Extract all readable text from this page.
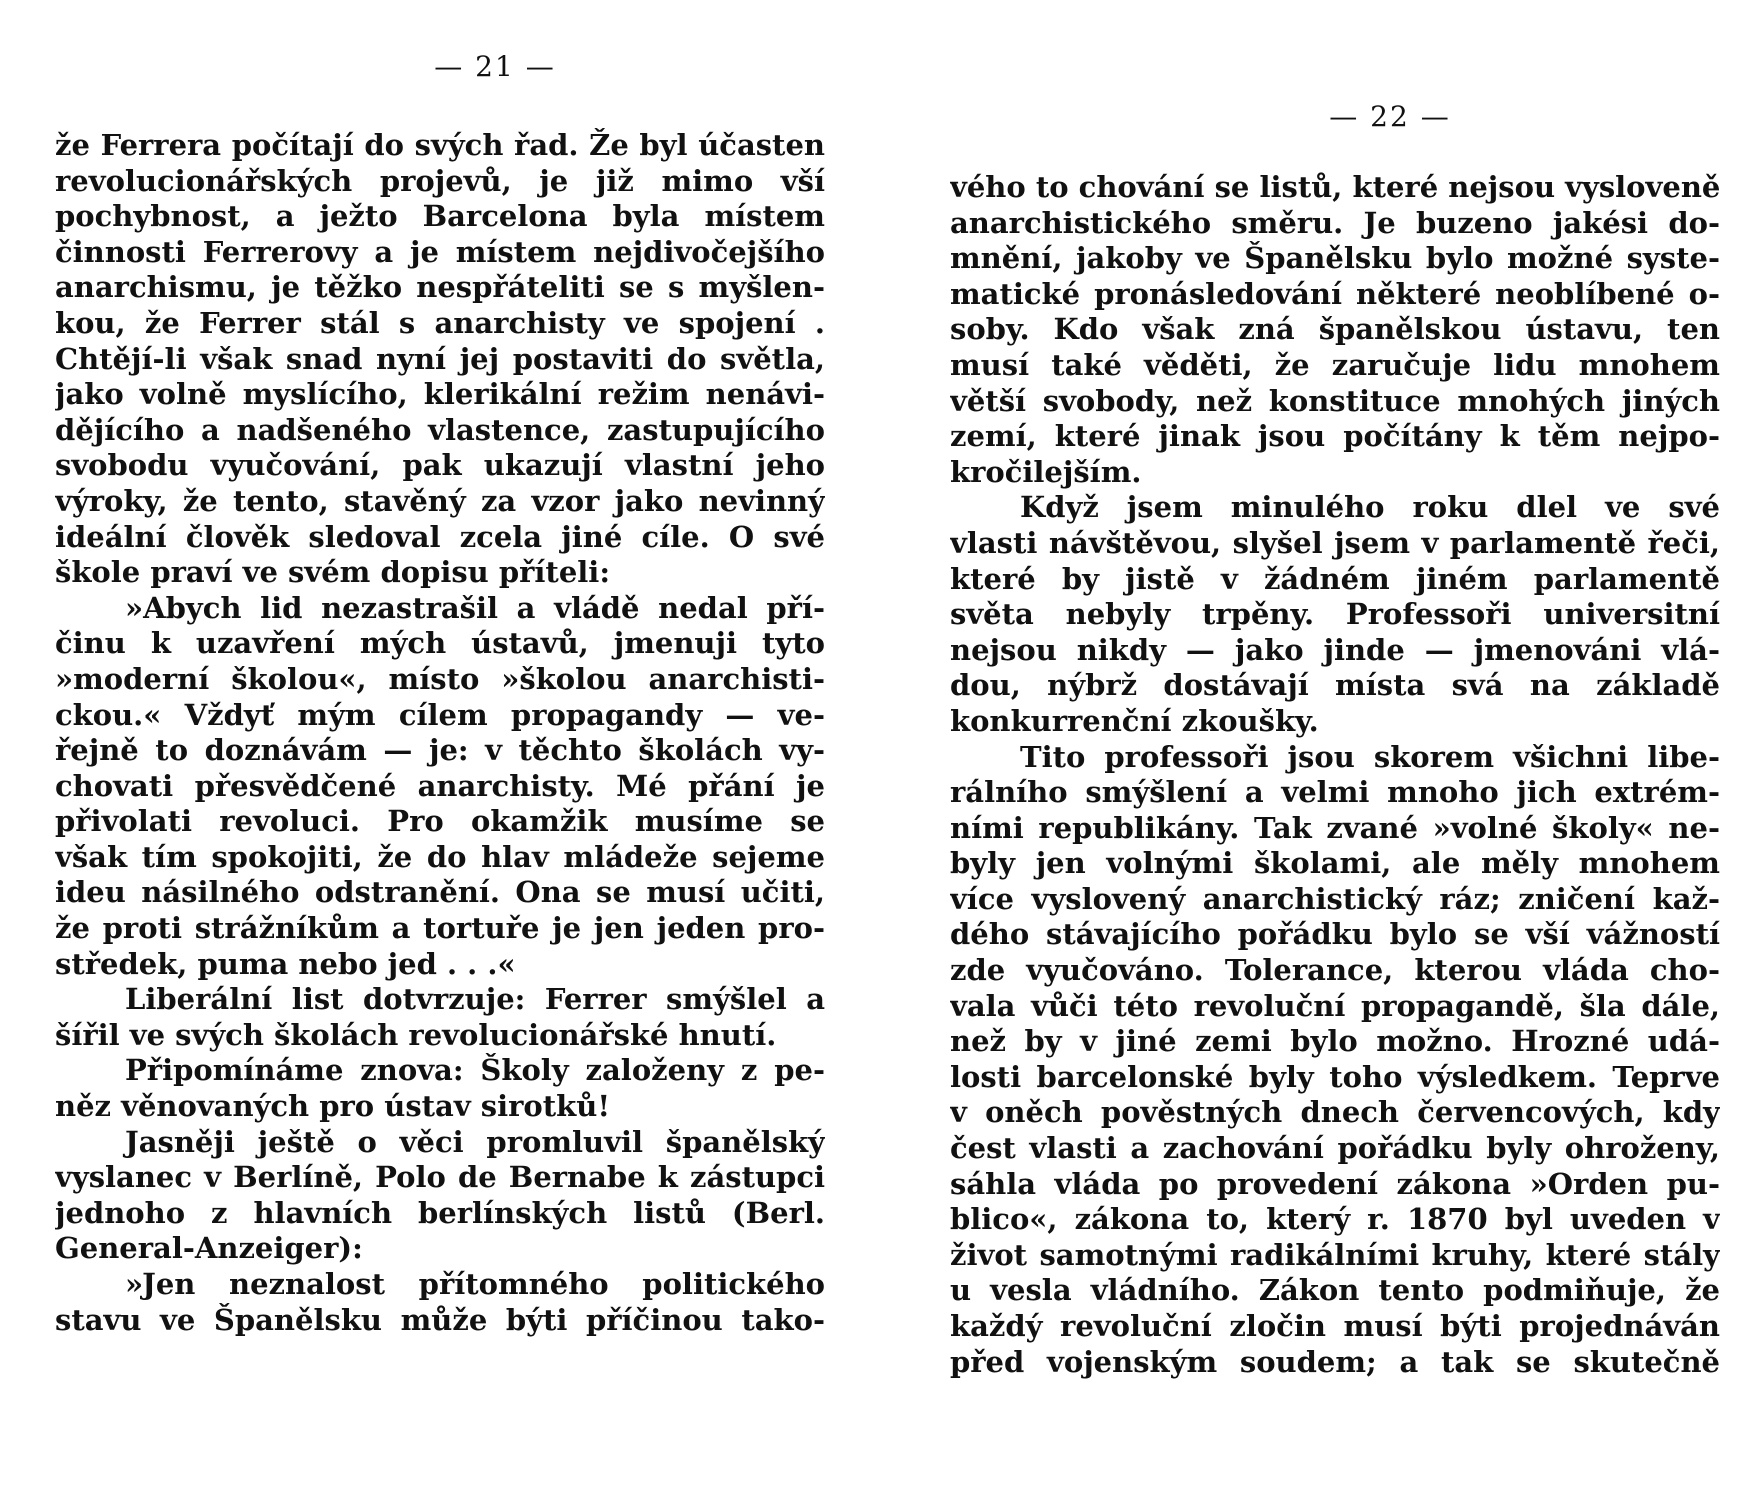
— 21 —
že Ferrera počítají do svých řad. Že byl účasten
revolucionářských projevů, je již mimo vší
pochybnost, a ježto Barcelona byla místem
činnosti Ferrerovy a je místem nejdivočejšího
anarchismu, je těžko nespřáteliti se s myšlen-
kou, že Ferrer stál s anarchisty ve spojení .
Chtějí-li však snad nyní jej postaviti do světla,
jako volně myslícího, klerikální režim nenávi-
dějícího a nadšeného vlastence, zastupujícího
svobodu vyučování, pak ukazují vlastní jeho
výroky, že tento, stavěný za vzor jako nevinný
ideální člověk sledoval zcela jiné cíle. O své
škole praví ve svém dopisu příteli:
»Abych lid nezastrašil a vládě nedal pří-
činu k uzavření mých ústavů, jmenuji tyto
»moderní školou«, místo »školou anarchisti-
ckou.« Vždyť mým cílem propagandy — ve-
řejně to doznávám — je: v těchto školách vy-
chovati přesvědčené anarchisty. Mé přání je
přivolati revoluci. Pro okamžik musíme se
však tím spokojiti, že do hlav mládeže sejeme
ideu násilného odstranění. Ona se musí učiti,
že proti strážníkům a tortuře je jen jeden pro-
středek, puma nebo jed . . .«
Liberální list dotvrzuje: Ferrer smýšlel a
šířil ve svých školách revolucionářské hnutí.
Připomínáme znova: Školy založeny z pe-
něz věnovaných pro ústav sirotků!
Jasněji ještě o věci promluvil španělský
vyslanec v Berlíně, Polo de Bernabe k zástupci
jednoho z hlavních berlínských listů (Berl.
General-Anzeiger):
»Jen neznalost přítomného politického
stavu ve Španělsku může býti příčinou tako-
— 22 —
vého to chování se listů, které nejsou vysloveně
anarchistického směru. Je buzeno jakési do-
mnění, jakoby ve Španělsku bylo možné syste-
matické pronásledování některé neoblíbené o-
soby. Kdo však zná španělskou ústavu, ten
musí také věděti, že zaručuje lidu mnohem
větší svobody, než konstituce mnohých jiných
zemí, které jinak jsou počítány k těm nejpo-
kročilejším.
Když jsem minulého roku dlel ve své
vlasti návštěvou, slyšel jsem v parlamentě řeči,
které by jistě v žádném jiném parlamentě
světa nebyly trpěny. Professoři universitní
nejsou nikdy — jako jinde — jmenováni vlá-
dou, nýbrž dostávají místa svá na základě
konkurrenční zkoušky.
Tito professoři jsou skorem všichni libe-
rálního smýšlení a velmi mnoho jich extrém-
ními republikány. Tak zvané »volné školy« ne-
byly jen volnými školami, ale měly mnohem
více vyslovený anarchistický ráz; zničení kaž-
dého stávajícího pořádku bylo se vší vážností
zde vyučováno. Tolerance, kterou vláda cho-
vala vůči této revoluční propagandě, šla dále,
než by v jiné zemi bylo možno. Hrozné udá-
losti barcelonské byly toho výsledkem. Teprve
v oněch pověstných dnech červencových, kdy
čest vlasti a zachování pořádku byly ohroženy,
sáhla vláda po provedení zákona »Orden pu-
blico«, zákona to, který r. 1870 byl uveden v
život samotnými radikálními kruhy, které stály
u vesla vládního. Zákon tento podmiňuje, že
každý revoluční zločin musí býti projednáván
před vojenským soudem; a tak se skutečně
